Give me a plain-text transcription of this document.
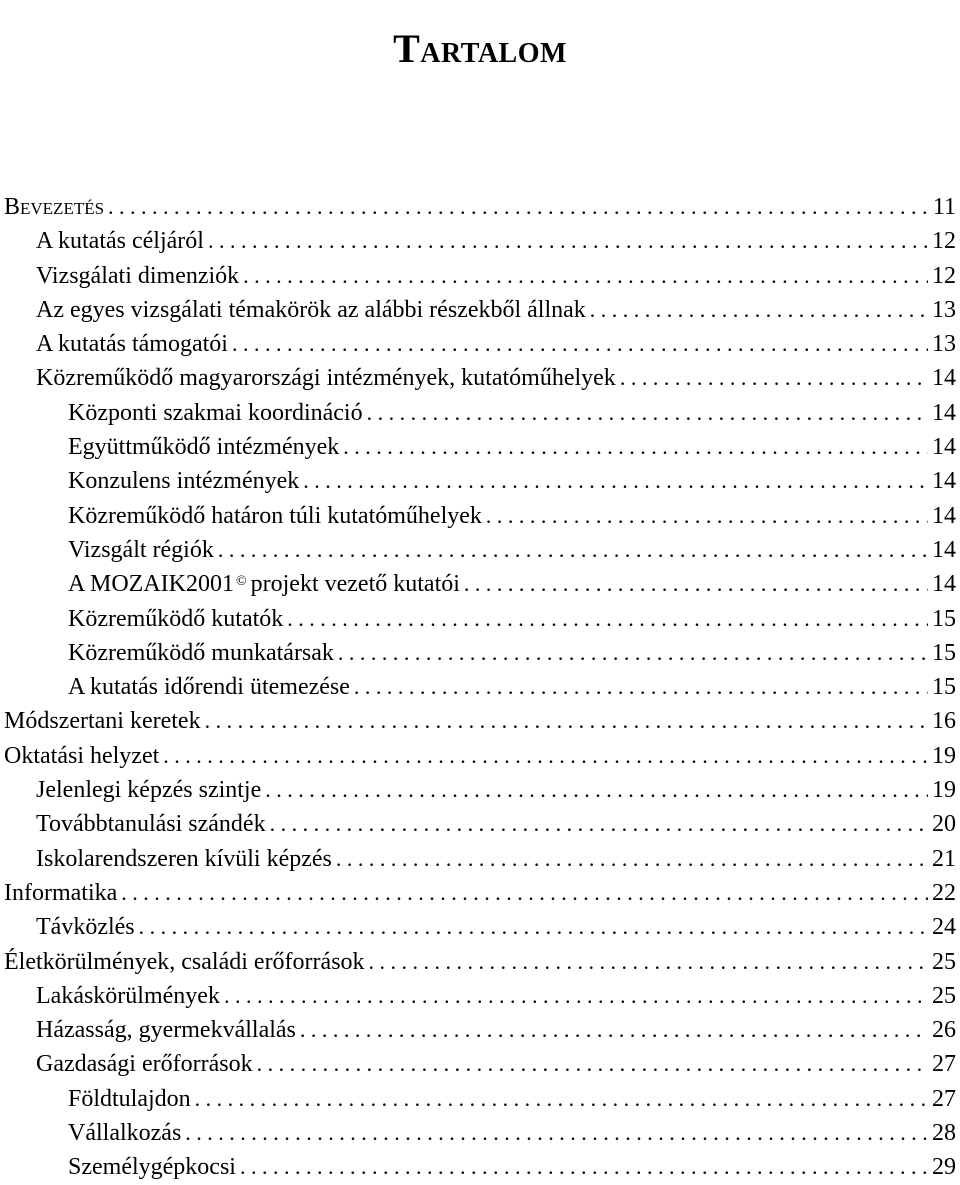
Tartalom
Bevezetés . . .	11
A kutatás céljáról . . .	12
Vizsgálati dimenziók . . .	12
Az egyes vizsgálati témakörök az alábbi részekből állnak . . .	13
A kutatás támogatói . . .	13
Közreműködő magyarországi intézmények, kutatóműhelyek . . .	14
Központi szakmai koordináció . . .	14
Együttműködő intézmények . . .	14
Konzulens intézmények . . .	14
Közreműködő határon túli kutatóműhelyek . . .	14
Vizsgált régiók . . .	14
A MOZAIK2001 © projekt vezető kutatói . . .	14
Közreműködő kutatók . . .	15
Közreműködő munkatársak . . .	15
A kutatás időrendi ütemezése . . .	15
Módszertani keretek . . .	16
Oktatási helyzet . . .	19
Jelenlegi képzés szintje . . .	19
Továbbtanulási szándék . . .	20
Iskolarendszeren kívüli képzés . . .	21
Informatika . . .	22
Távközlés . . .	24
Életkörülmények, családi erőforrások . . .	25
Lakáskörülmények . . .	25
Házasság, gyermekvállalás . . .	26
Gazdasági erőforrások . . .	27
Földtulajdon . . .	27
Vállalkozás . . .	28
Személygépkocsi . . .	29
